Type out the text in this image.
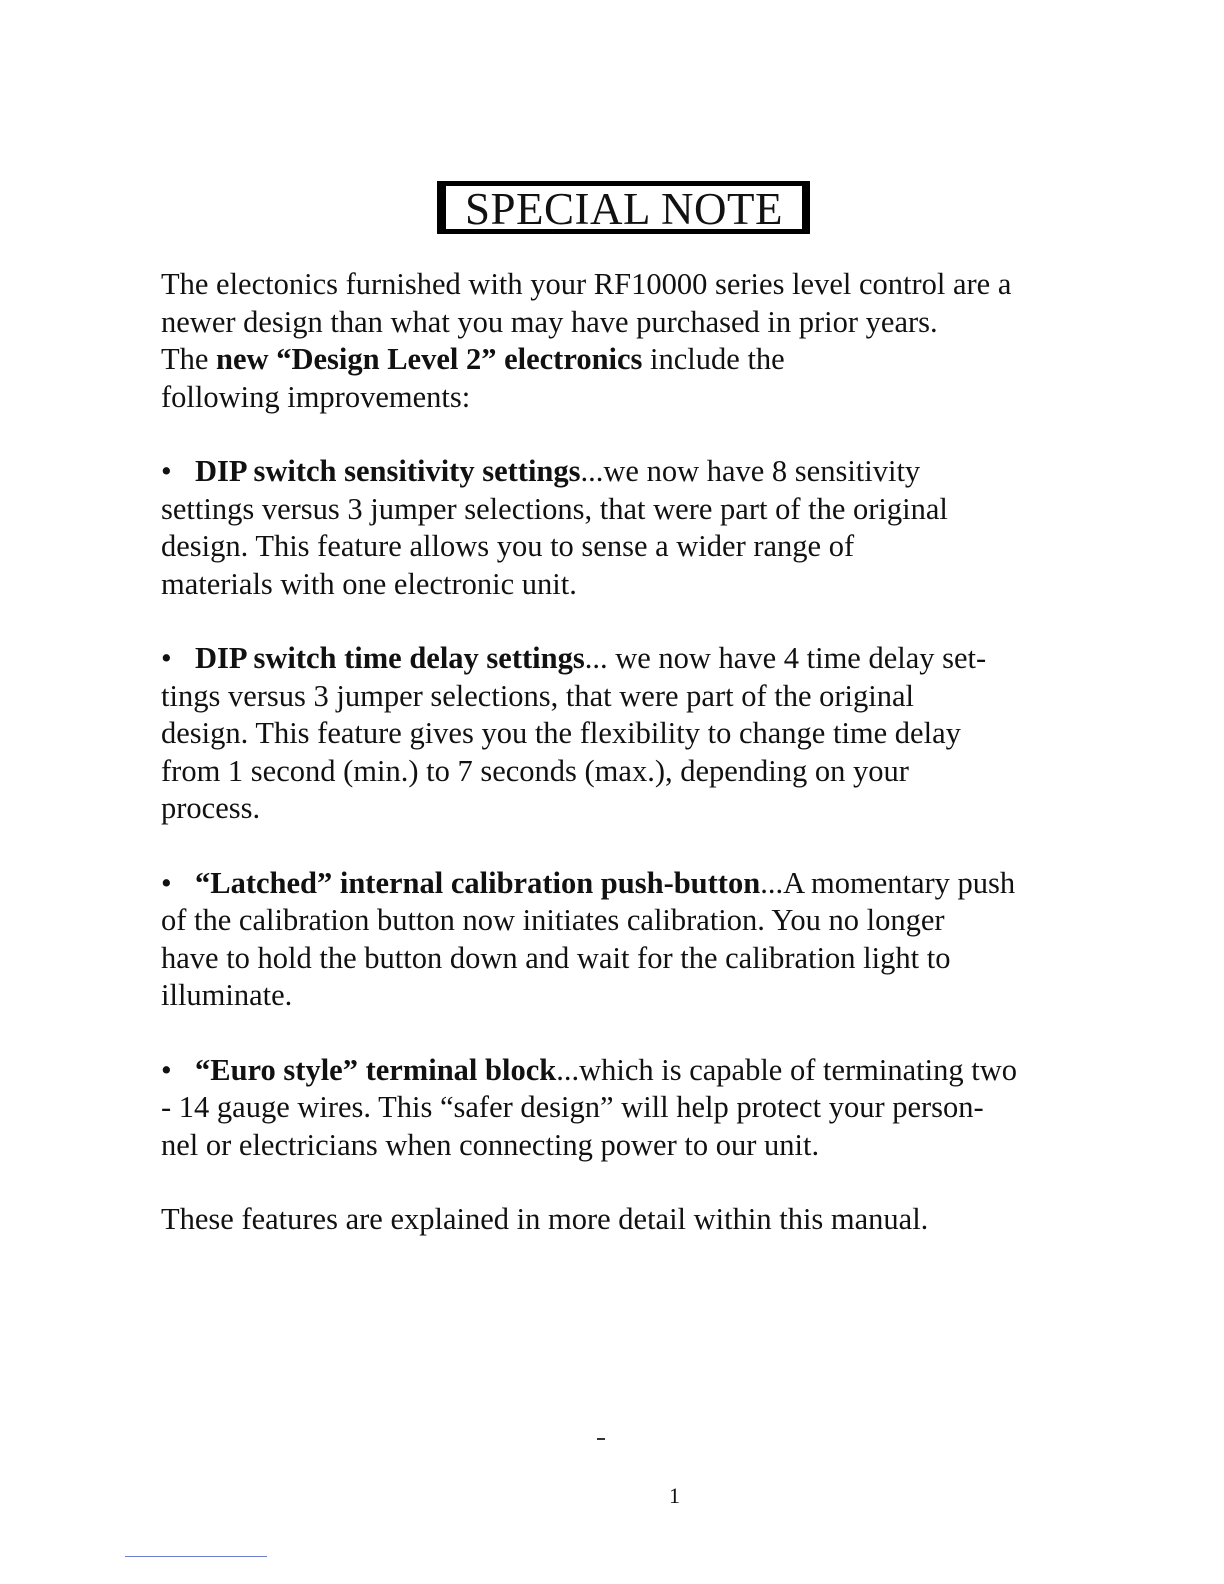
SPECIAL NOTE

The electonics furnished with your RF10000 series level control are a
newer design than what you may have purchased in prior years.
The new “Design Level 2” electronics include the
following improvements:

• DIP switch sensitivity settings...we now have 8 sensitivity
settings versus 3 jumper selections, that were part of the original
design. This feature allows you to sense a wider range of
materials with one electronic unit.

• DIP switch time delay settings... we now have 4 time delay set-
tings versus 3 jumper selections, that were part of the original
design. This feature gives you the flexibility to change time delay
from 1 second (min.) to 7 seconds (max.), depending on your
process.

• “Latched” internal calibration push-button...A momentary push
of the calibration button now initiates calibration. You no longer
have to hold the button down and wait for the calibration light to
illuminate.

• “Euro style” terminal block...which is capable of terminating two
- 14 gauge wires. This “safer design” will help protect your person-
nel or electricians when connecting power to our unit.

These features are explained in more detail within this manual.

1
